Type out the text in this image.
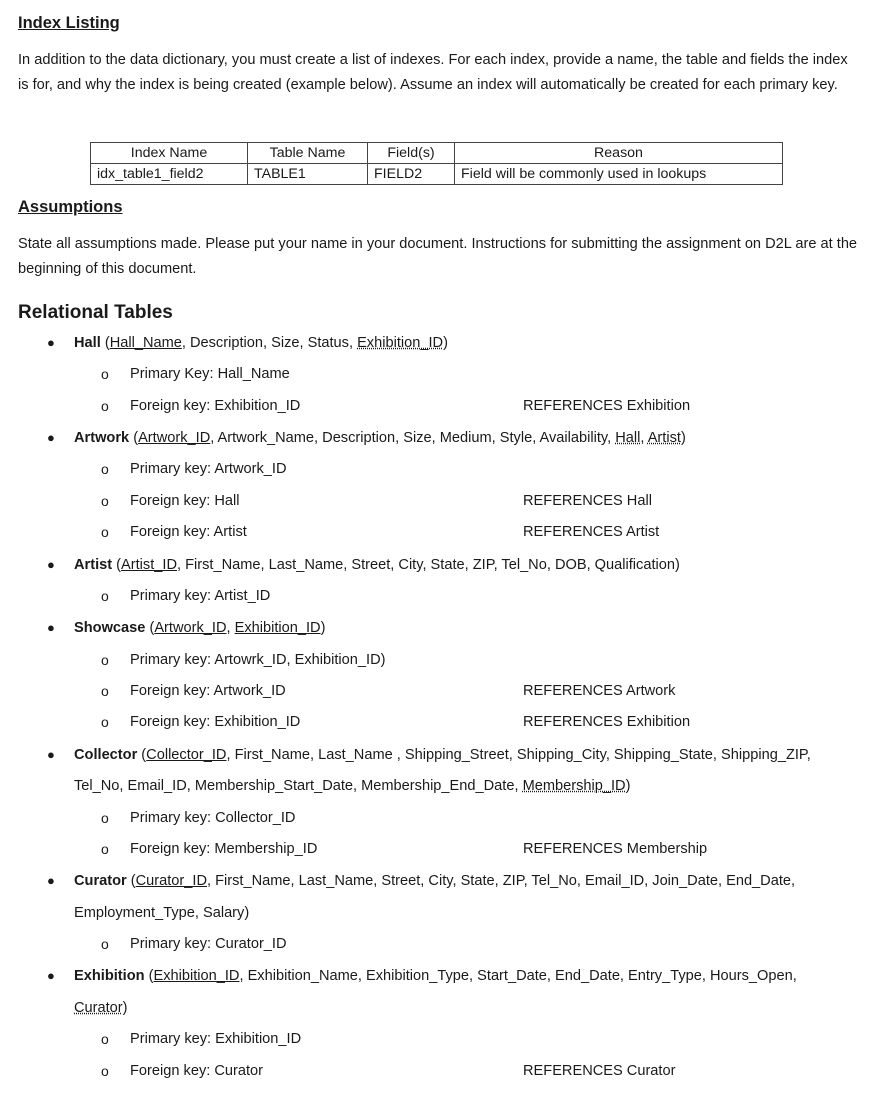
Index Listing
In addition to the data dictionary, you must create a list of indexes. For each index, provide a name, the table and fields the index is for, and why the index is being created (example below). Assume an index will automatically be created for each primary key.
Index Name	Table Name	Field(s)	Reason
idx_table1_field2	TABLE1	FIELD2	Field will be commonly used in lookups
Assumptions
State all assumptions made. Please put your name in your document. Instructions for submitting the assignment on D2L are at the beginning of this document.
Relational Tables
● Hall (Hall_Name, Description, Size, Status, Exhibition_ID)
o Primary Key: Hall_Name
o Foreign key: Exhibition_ID	REFERENCES Exhibition
● Artwork (Artwork_ID, Artwork_Name, Description, Size, Medium, Style, Availability, Hall, Artist)
o Primary key: Artwork_ID
o Foreign key: Hall	REFERENCES Hall
o Foreign key: Artist	REFERENCES Artist
● Artist (Artist_ID, First_Name, Last_Name, Street, City, State, ZIP, Tel_No, DOB, Qualification)
o Primary key: Artist_ID
● Showcase (Artwork_ID, Exhibition_ID)
o Primary key: Artowrk_ID, Exhibition_ID)
o Foreign key: Artwork_ID	REFERENCES Artwork
o Foreign key: Exhibition_ID	REFERENCES Exhibition
● Collector (Collector_ID, First_Name, Last_Name , Shipping_Street, Shipping_City, Shipping_State, Shipping_ZIP,
Tel_No, Email_ID, Membership_Start_Date, Membership_End_Date, Membership_ID)
o Primary key: Collector_ID
o Foreign key: Membership_ID	REFERENCES Membership
● Curator (Curator_ID, First_Name, Last_Name, Street, City, State, ZIP, Tel_No, Email_ID, Join_Date, End_Date,
Employment_Type, Salary)
o Primary key: Curator_ID
● Exhibition (Exhibition_ID, Exhibition_Name, Exhibition_Type, Start_Date, End_Date, Entry_Type, Hours_Open,
Curator)
o Primary key: Exhibition_ID
o Foreign key: Curator	REFERENCES Curator
